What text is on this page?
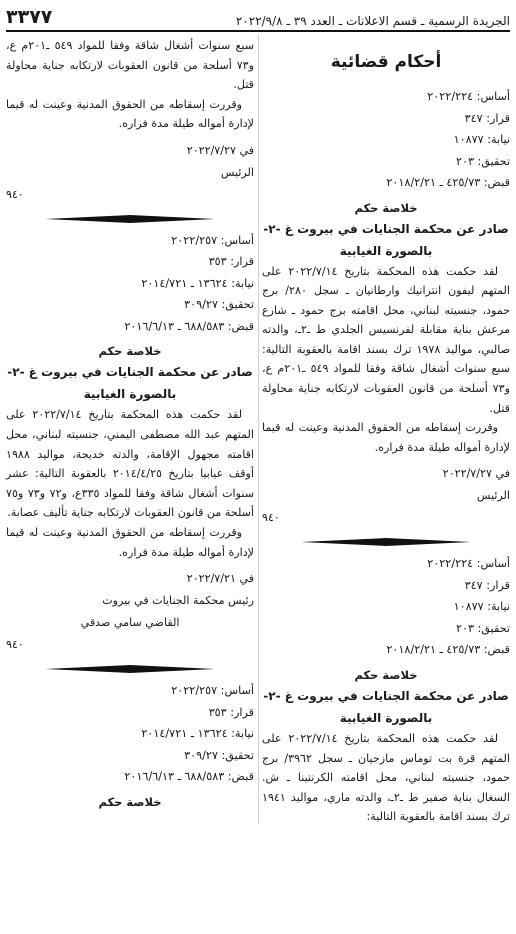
الجريدة الرسمية ـ قسم الاعلانات ـ العدد ٣٩ ـ ٢٠٢٢/٩/٨
٣٣٧٧
أحكام قضائية

أساس: ٢٠٢٢/٢٢٤

قرار: ٣٤٧

نيابة: ١٠٨٧٧

تحقيق: ٢٠٣

قبض: ٤٢٥/٧٣ ـ ٢٠١٨/٢/٢١

خلاصة حكم

صادر عن محكمة الجنايات في بيروت غ -٢-

بالصورة الغيابية

لقد حكمت هذه المحكمة بتاريخ ٢٠٢٢/٧/١٤ على المتهم ليفون انترانيك وارطانيان ـ سجل ٢٨٠/ برج حمود، جنسيته لبناني، محل اقامته برج حمود ـ شارع مرعش بناية مقابلة لفرنسيس الجلدي ط ـ٢ـ، والدته صالبي، مواليد ١٩٧٨ ترك بسند اقامة بالعقوبة التالية: سبع سنوات أشغال شاقة وفقا للمواد ٥٤٩ ـ٢٠١م ع، و٧٣ أسلحة من قانون العقوبات لارتكابه جناية محاولة قتل.

وقررت إسقاطه من الحقوق المدنية وعينت له قيما لإدارة أمواله طيلة مدة فراره.

في ٢٠٢٢/٧/٢٧

الرئيس

٩٤٠

أساس: ٢٠٢٢/٢٢٤

قرار: ٣٤٧

نيابة: ١٠٨٧٧

تحقيق: ٢٠٣

قبض: ٤٢٥/٧٣ ـ ٢٠١٨/٢/٢١

خلاصة حكم

صادر عن محكمة الجنايات في بيروت غ -٢-

بالصورة الغيابية

لقد حكمت هذه المحكمة بتاريخ ٢٠٢٢/٧/١٤ على المتهم قرة بت توماس مازجيان ـ سجل ٣٩٦٢/ برج حمود، جنسيته لبناني، محل اقامته الكرنتينا ـ ش. السغال بناية صفير ط ـ٢ـ، والدته ماري، مواليد ١٩٤١ ترك بسند اقامة بالعقوبة التالية:

سبع سنوات أشغال شاقة وفقا للمواد ٥٤٩ ـ٢٠١م ع، و٧٣ أسلحة من قانون العقوبات لارتكابه جناية محاولة قتل.

وقررت إسقاطه من الحقوق المدنية وعينت له قيما لإدارة أمواله طيلة مدة فراره.

في ٢٠٢٢/٧/٢٧

الرئيس

٩٤٠

أساس: ٢٠٢٢/٢٥٧

قرار: ٣٥٣

نيابة: ١٣٦٢٤ ـ ٢٠١٤/٧٢١

تحقيق: ٣٠٩/٢٧

قبض: ٦٨٨/٥٨٣ ـ ٢٠١٦/٦/١٣

خلاصة حكم

صادر عن محكمة الجنايات في بيروت غ -٢-

بالصورة الغيابية

لقد حكمت هذه المحكمة بتاريخ ٢٠٢٢/٧/١٤ على المتهم عبد الله مصطفى اليمني، جنسيته لبناني، محل اقامته مجهول الإقامة، والدته خديجة، مواليد ١٩٨٨ أوقف غيابيا بتاريخ ٢٠١٤/٤/٢٥ بالعقوبة التالية: عشر سنوات أشغال شاقة وفقا للمواد ٣٣٥ع، و٧٢ و٧٣ و٧٥ أسلحة من قانون العقوبات لارتكابه جناية تأليف عصابة.

وقررت إسقاطه من الحقوق المدنية وعينت له قيما لإدارة أمواله طيلة مدة فراره.

في ٢٠٢٢/٧/٢١

رئيس محكمة الجنايات في بيروت

القاضي سامي صدقي

٩٤٠

أساس: ٢٠٢٢/٢٥٧

قرار: ٣٥٣

نيابة: ١٣٦٢٤ ـ ٢٠١٤/٧٢١

تحقيق: ٣٠٩/٢٧

قبض: ٦٨٨/٥٨٣ ـ ٢٠١٦/٦/١٣

خلاصة حكم
